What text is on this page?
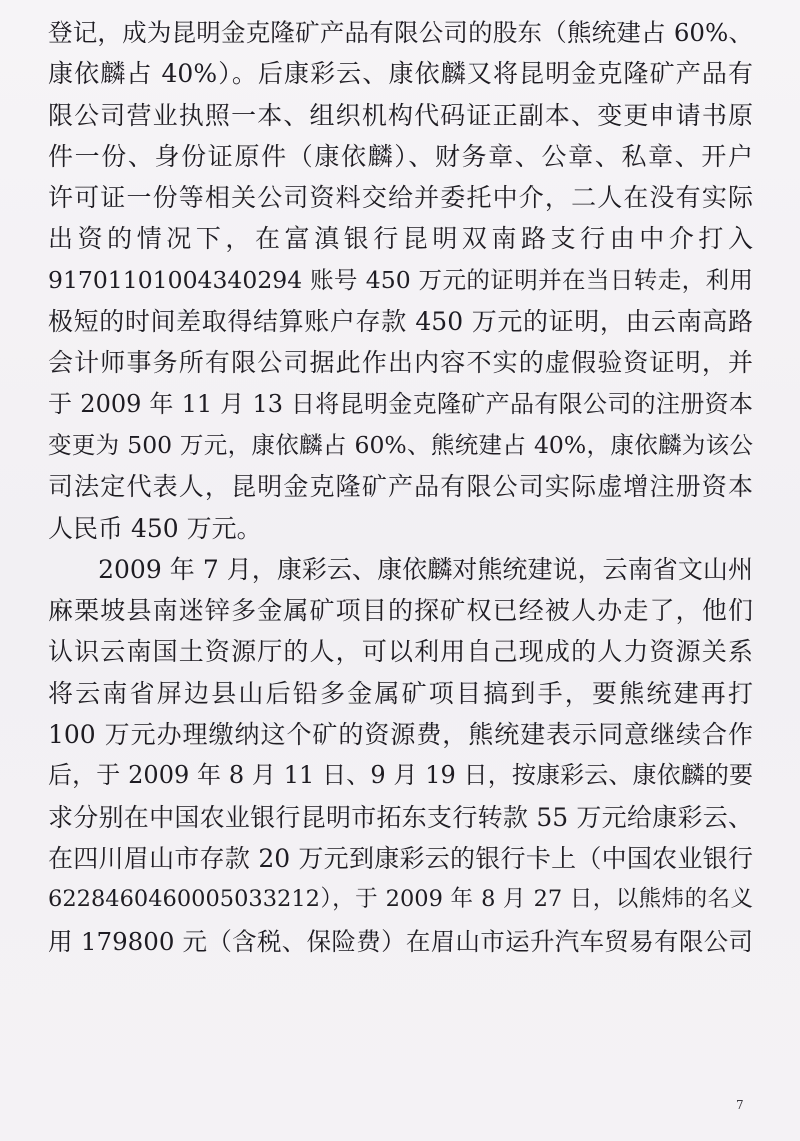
登记，成为昆明金克隆矿产品有限公司的股东（熊统建占 60%、
康依麟占 40%）。后康彩云、康依麟又将昆明金克隆矿产品有
限公司营业执照一本、组织机构代码证正副本、变更申请书原
件一份、身份证原件（康依麟）、财务章、公章、私章、开户
许可证一份等相关公司资料交给并委托中介，二人在没有实际
出资的情况下，在富滇银行昆明双南路支行由中介打入
91701101004340294 账号 450 万元的证明并在当日转走，利用
极短的时间差取得结算账户存款 450 万元的证明，由云南高路
会计师事务所有限公司据此作出内容不实的虚假验资证明，并
于 2009 年 11 月 13 日将昆明金克隆矿产品有限公司的注册资本
变更为 500 万元，康依麟占 60%、熊统建占 40%，康依麟为该公
司法定代表人，昆明金克隆矿产品有限公司实际虚增注册资本
人民币 450 万元。
　　2009 年 7 月，康彩云、康依麟对熊统建说，云南省文山州
麻栗坡县南迷锌多金属矿项目的探矿权已经被人办走了，他们
认识云南国土资源厅的人，可以利用自己现成的人力资源关系
将云南省屏边县山后铅多金属矿项目搞到手，要熊统建再打
100 万元办理缴纳这个矿的资源费，熊统建表示同意继续合作
后，于 2009 年 8 月 11 日、9 月 19 日，按康彩云、康依麟的要
求分别在中国农业银行昆明市拓东支行转款 55 万元给康彩云、
在四川眉山市存款 20 万元到康彩云的银行卡上（中国农业银行
6228460460005033212），于 2009 年 8 月 27 日，以熊炜的名义
用 179800 元（含税、保险费）在眉山市运升汽车贸易有限公司
7
